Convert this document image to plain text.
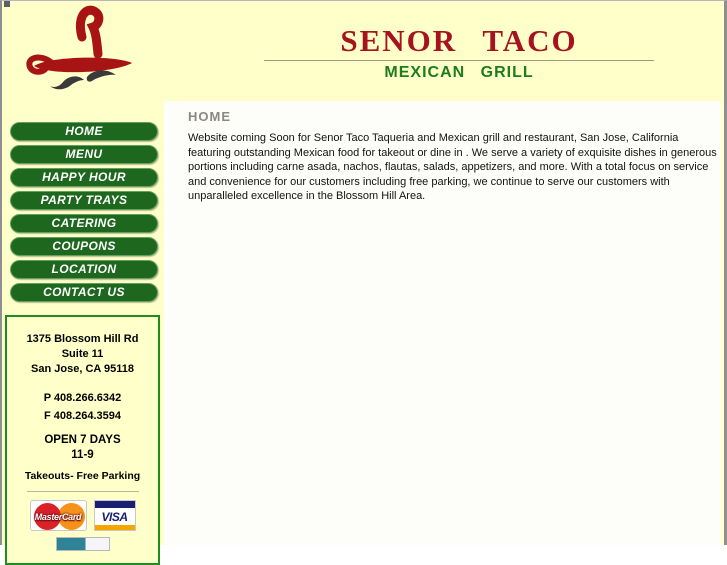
SENOR TACO
MEXICAN GRILL
HOME
Website coming Soon for Senor Taco Taqueria and Mexican grill and restaurant, San Jose, California featuring outstanding Mexican food for takeout or dine in . We serve a variety of exquisite dishes in generous portions including carne asada, nachos, flautas, salads, appetizers, and more. With a total focus on service and convenience for our customers including free parking, we continue to serve our customers with unparalleled excellence in the Blossom Hill Area.
HOME
MENU
HAPPY HOUR
PARTY TRAYS
CATERING
COUPONS
LOCATION
CONTACT US
1375 Blossom Hill Rd
Suite 11
San Jose, CA 95118
P 408.266.6342
F 408.264.3594
OPEN 7 DAYS
11-9
Takeouts- Free Parking
MasterCard	VISA
